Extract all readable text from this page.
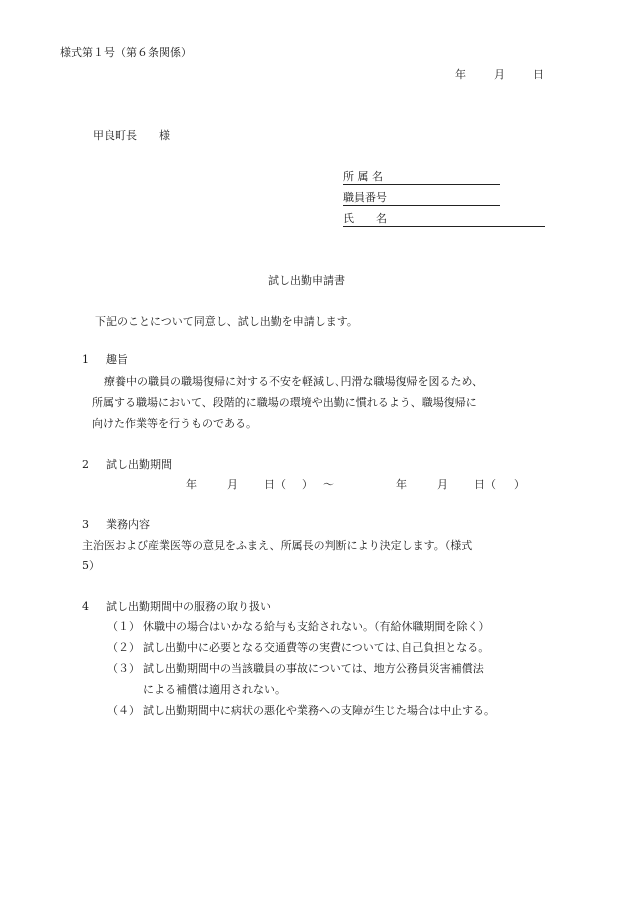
様式第１号（第６条関係）
年	月	日
甲良町長 様
所 属 名
職員番号
氏　　名
試し出勤申請書
下記のことについて同意し、試し出勤を申請します。
1 趣旨
療養中の職員の職場復帰に対する不安を軽減し､円滑な職場復帰を図るため、
所属する職場において、段階的に職場の環境や出勤に慣れるよう、職場復帰に
向けた作業等を行うものである。
2 試し出勤期間
年	月 日（ ） ～	年	月 日（ ）
3 業務内容
主治医および産業医等の意見をふまえ、所属長の判断により決定します。（様式
5）
4 試し出勤期間中の服務の取り扱い
（１） 休職中の場合はいかなる給与も支給されない。（有給休職期間を除く）
（２） 試し出勤中に必要となる交通費等の実費については､自己負担となる。
（３） 試し出勤期間中の当該職員の事故については、地方公務員災害補償法
による補償は適用されない。
（４） 試し出勤期間中に病状の悪化や業務への支障が生じた場合は中止する。
